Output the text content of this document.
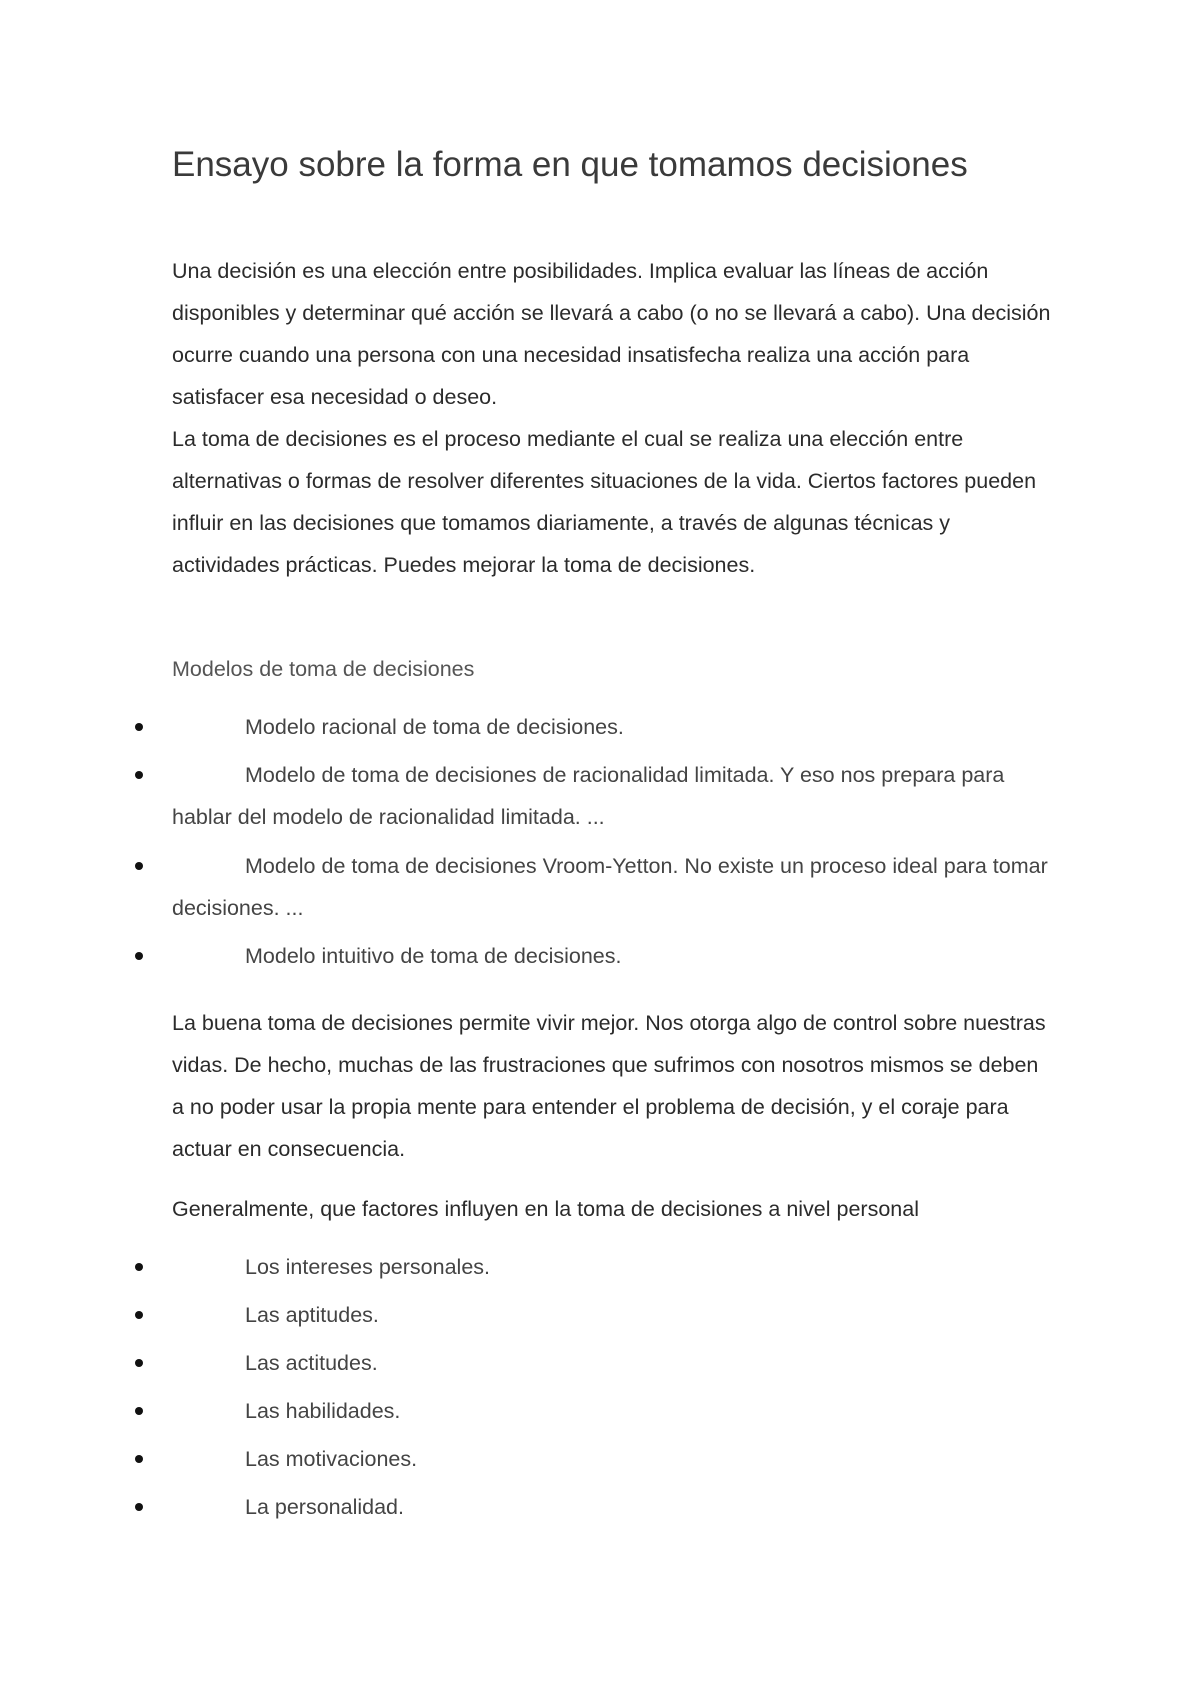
Ensayo sobre la forma en que tomamos decisiones

Una decisión es una elección entre posibilidades. Implica evaluar las líneas de acción disponibles y determinar qué acción se llevará a cabo (o no se llevará a cabo). Una decisión ocurre cuando una persona con una necesidad insatisfecha realiza una acción para satisfacer esa necesidad o deseo.

La toma de decisiones es el proceso mediante el cual se realiza una elección entre alternativas o formas de resolver diferentes situaciones de la vida. Ciertos factores pueden influir en las decisiones que tomamos diariamente, a través de algunas técnicas y actividades prácticas. Puedes mejorar la toma de decisiones.

Modelos de toma de decisiones

Modelo racional de toma de decisiones.

Modelo de toma de decisiones de racionalidad limitada. Y eso nos prepara para hablar del modelo de racionalidad limitada. ...

Modelo de toma de decisiones Vroom-Yetton. No existe un proceso ideal para tomar decisiones. ...

Modelo intuitivo de toma de decisiones.

La buena toma de decisiones permite vivir mejor. Nos otorga algo de control sobre nuestras vidas. De hecho, muchas de las frustraciones que sufrimos con nosotros mismos se deben a no poder usar la propia mente para entender el problema de decisión, y el coraje para actuar en consecuencia.

Generalmente, que factores influyen en la toma de decisiones a nivel personal

Los intereses personales.

Las aptitudes.

Las actitudes.

Las habilidades.

Las motivaciones.

La personalidad.
